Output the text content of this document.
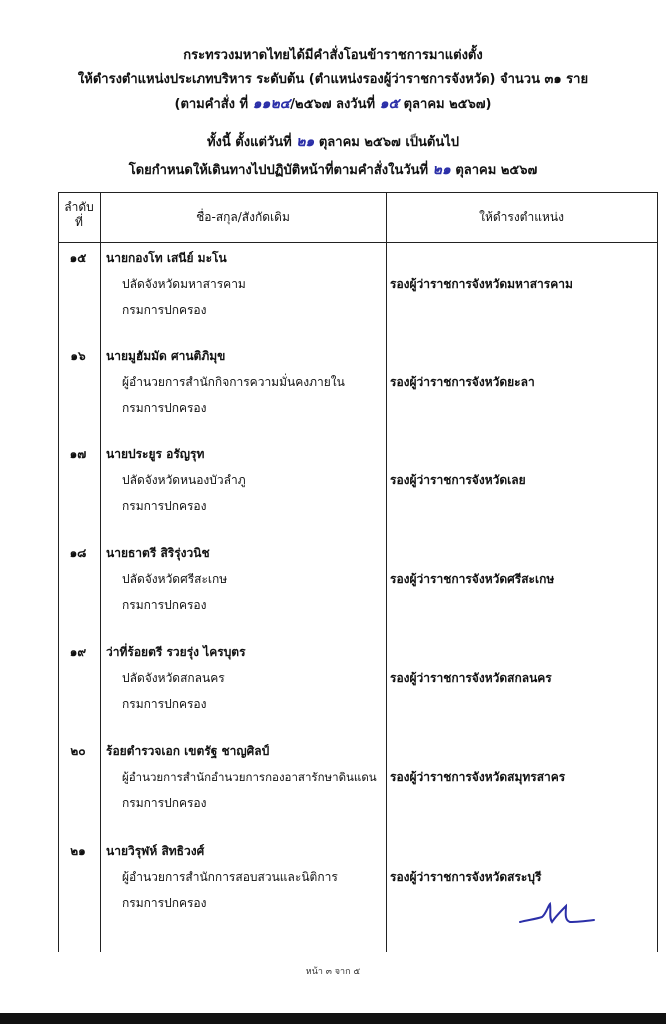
กระทรวงมหาดไทยได้มีคำสั่งโอนข้าราชการมาแต่งตั้ง
ให้ดำรงตำแหน่งประเภทบริหาร ระดับต้น (ตำแหน่งรองผู้ว่าราชการจังหวัด) จำนวน ๓๑ ราย
(ตามคำสั่ง ที่ ๑๑๒๔/๒๕๖๗ ลงวันที่ ๑๕ ตุลาคม ๒๕๖๗)
ทั้งนี้ ตั้งแต่วันที่ ๒๑ ตุลาคม ๒๕๖๗ เป็นต้นไป
โดยกำหนดให้เดินทางไปปฏิบัติหน้าที่ตามคำสั่งในวันที่ ๒๑ ตุลาคม ๒๕๖๗
ลำดับ
ที่	ชื่อ-สกุล/สังกัดเดิม	ให้ดำรงตำแหน่ง
๑๕	นายกองโท เสนีย์ มะโน
ปลัดจังหวัดมหาสารคาม
กรมการปกครอง
รองผู้ว่าราชการจังหวัดมหาสารคาม
๑๖	นายมูฮัมมัด ศานติภิมุข
ผู้อำนวยการสำนักกิจการความมั่นคงภายใน
กรมการปกครอง
รองผู้ว่าราชการจังหวัดยะลา
๑๗	นายประยูร อรัญรุท
ปลัดจังหวัดหนองบัวลำภู
กรมการปกครอง
รองผู้ว่าราชการจังหวัดเลย
๑๘	นายธาตรี สิริรุ่งวนิช
ปลัดจังหวัดศรีสะเกษ
กรมการปกครอง
รองผู้ว่าราชการจังหวัดศรีสะเกษ
๑๙	ว่าที่ร้อยตรี รวยรุ่ง ไครบุตร
ปลัดจังหวัดสกลนคร
กรมการปกครอง
รองผู้ว่าราชการจังหวัดสกลนคร
๒๐	ร้อยตำรวจเอก เขตรัฐ ชาญศิลป์
ผู้อำนวยการสำนักอำนวยการกองอาสารักษาดินแดน
กรมการปกครอง
รองผู้ว่าราชการจังหวัดสมุทรสาคร
๒๑	นายวิรุฬห์ สิทธิวงศ์
ผู้อำนวยการสำนักการสอบสวนและนิติการ
กรมการปกครอง
รองผู้ว่าราชการจังหวัดสระบุรี
หน้า ๓ จาก ๕
